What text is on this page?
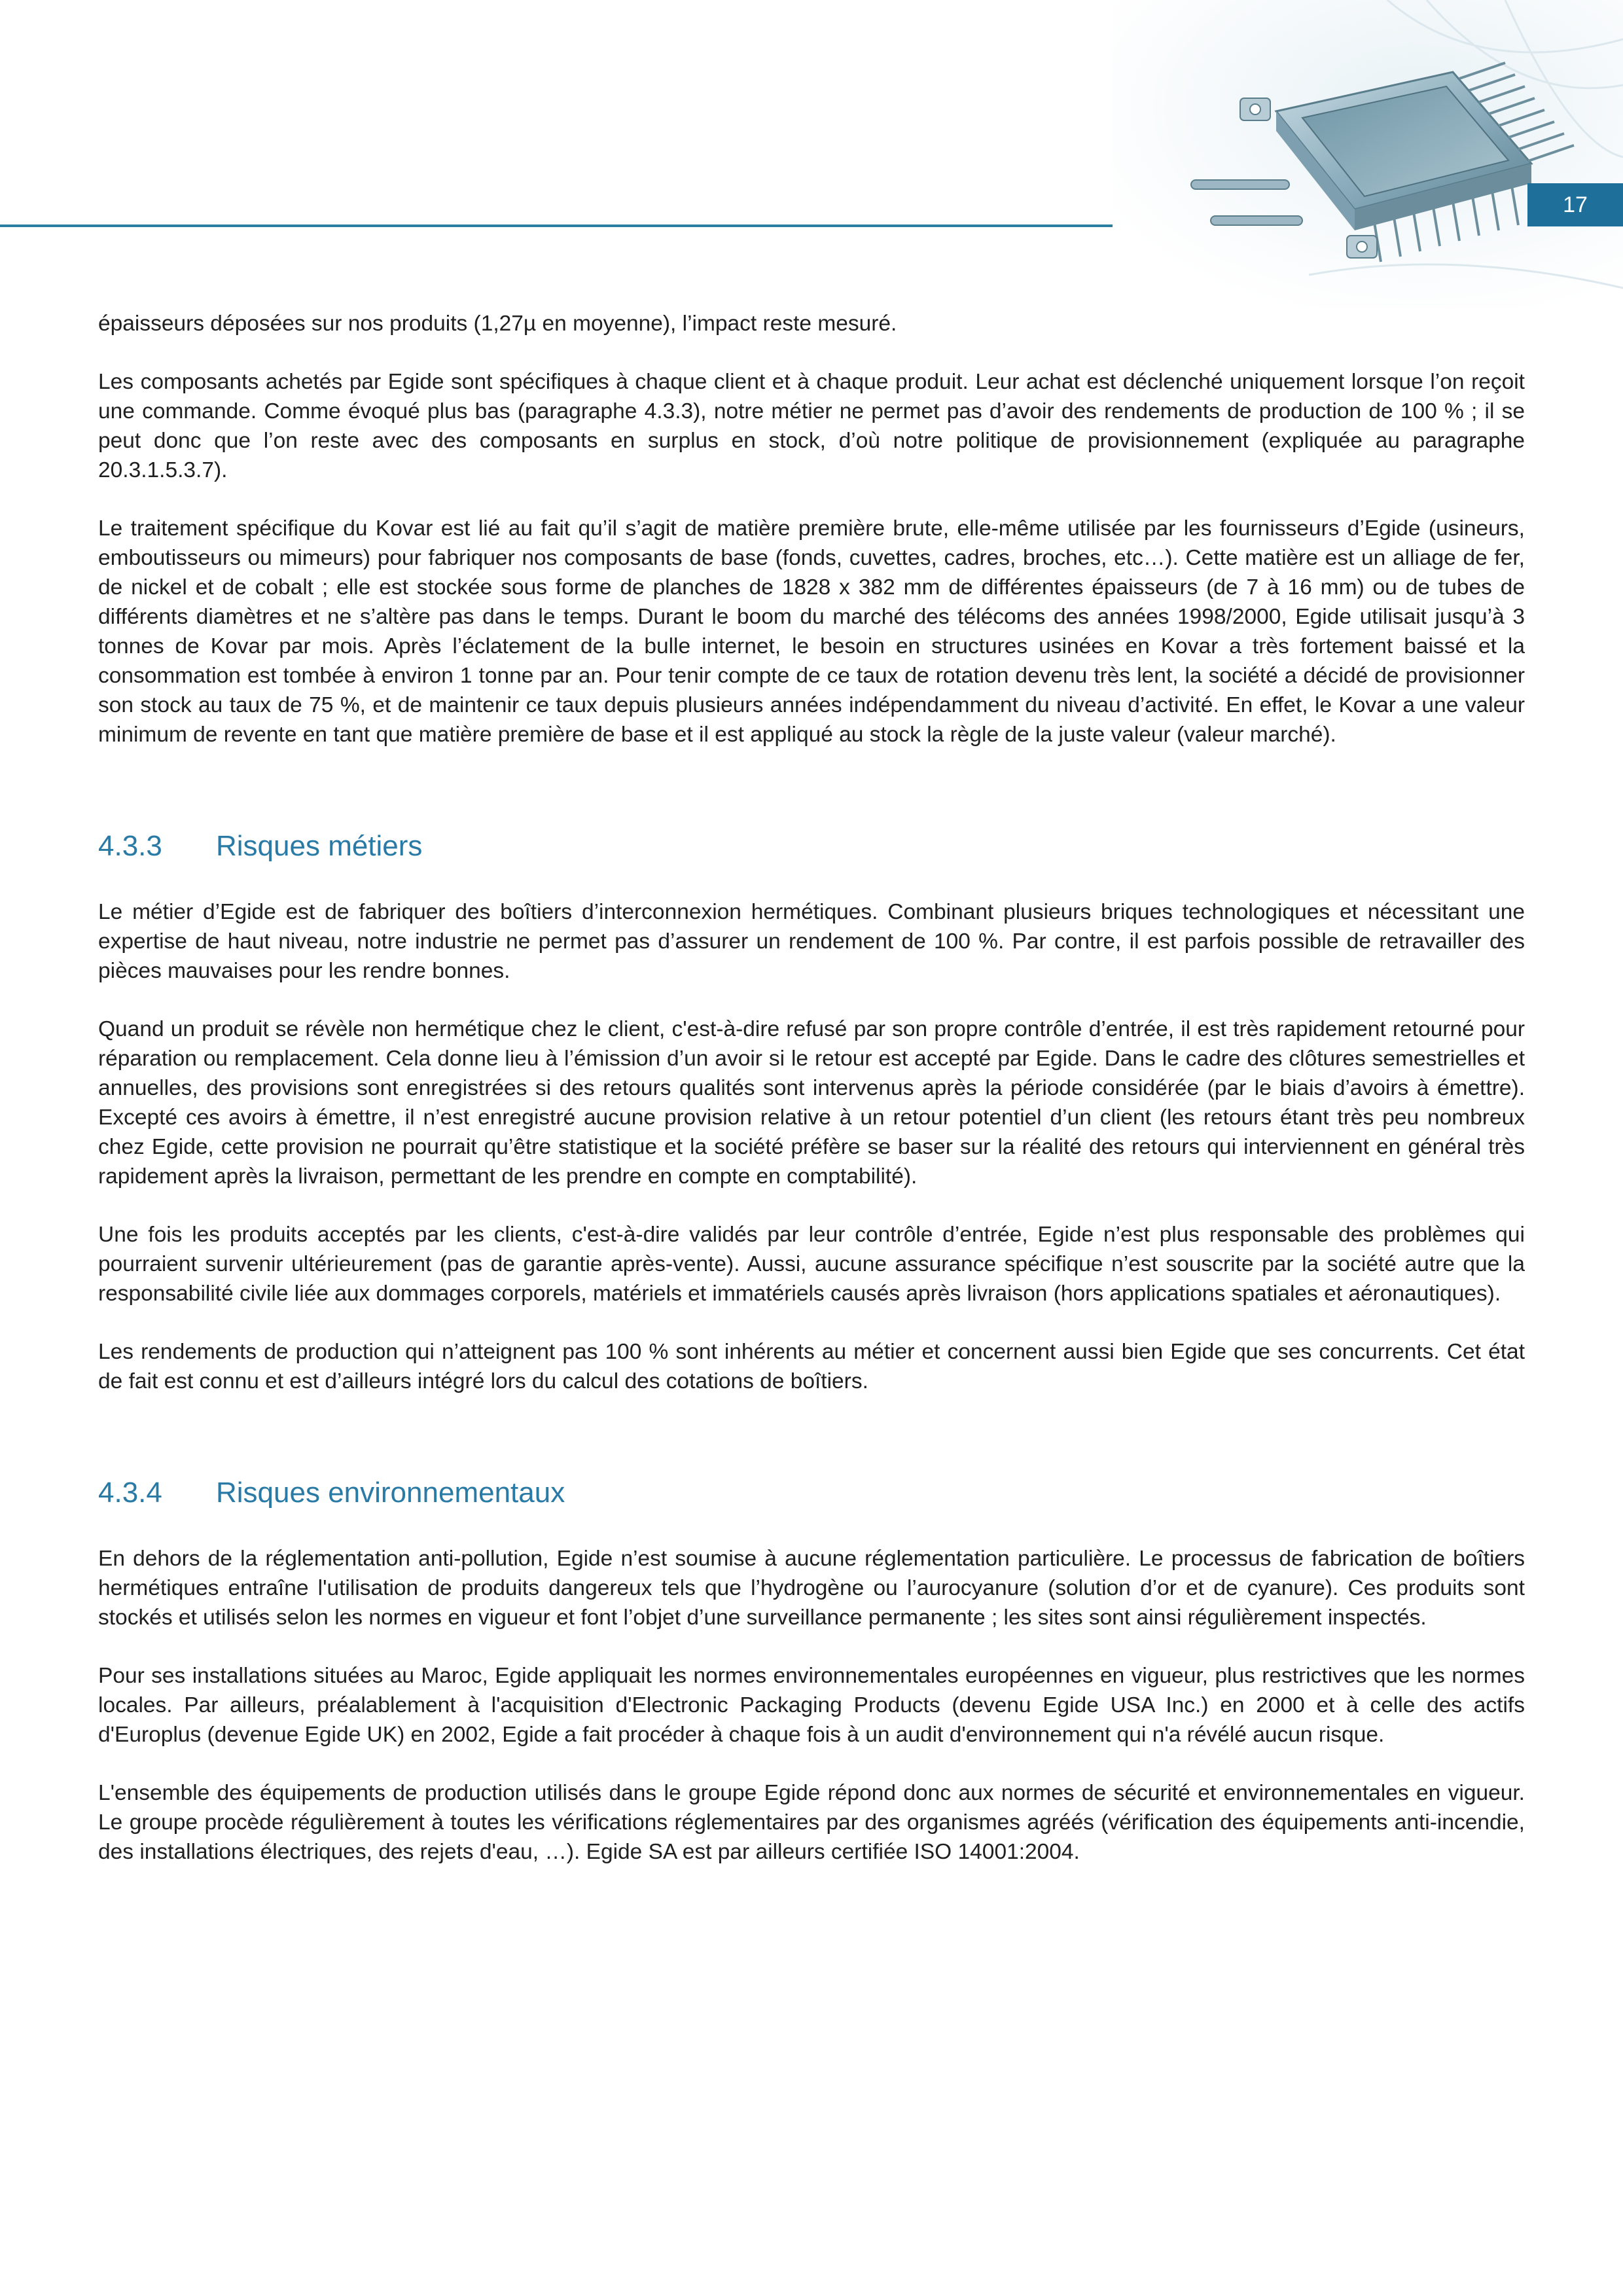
17

épaisseurs déposées sur nos produits (1,27µ en moyenne), l’impact reste mesuré.

Les composants achetés par Egide sont spécifiques à chaque client et à chaque produit. Leur achat est déclenché uniquement lorsque l’on reçoit une commande. Comme évoqué plus bas (paragraphe 4.3.3), notre métier ne permet pas d’avoir des rendements de production de 100 % ; il se peut donc que l’on reste avec des composants en surplus en stock, d’où notre politique de provisionnement (expliquée au paragraphe 20.3.1.5.3.7).

Le traitement spécifique du Kovar est lié au fait qu’il s’agit de matière première brute, elle-même utilisée par les fournisseurs d’Egide (usineurs, emboutisseurs ou mimeurs) pour fabriquer nos composants de base (fonds, cuvettes, cadres, broches, etc…). Cette matière est un alliage de fer, de nickel et de cobalt ; elle est stockée sous forme de planches de 1828 x 382 mm de différentes épaisseurs (de 7 à 16 mm) ou de tubes de différents diamètres et ne s’altère pas dans le temps. Durant le boom du marché des télécoms des années 1998/2000, Egide utilisait jusqu’à 3 tonnes de Kovar par mois. Après l’éclatement de la bulle internet, le besoin en structures usinées en Kovar a très fortement baissé et la consommation est tombée à environ 1 tonne par an. Pour tenir compte de ce taux de rotation devenu très lent, la société a décidé de provisionner son stock au taux de 75 %, et de maintenir ce taux depuis plusieurs années indépendamment du niveau d’activité. En effet, le Kovar a une valeur minimum de revente en tant que matière première de base et il est appliqué au stock la règle de la juste valeur (valeur marché).

4.3.3	Risques métiers

Le métier d’Egide est de fabriquer des boîtiers d’interconnexion hermétiques. Combinant plusieurs briques technologiques et nécessitant une expertise de haut niveau, notre industrie ne permet pas d’assurer un rendement de 100 %. Par contre, il est parfois possible de retravailler des pièces mauvaises pour les rendre bonnes.

Quand un produit se révèle non hermétique chez le client, c'est-à-dire refusé par son propre contrôle d’entrée, il est très rapidement retourné pour réparation ou remplacement. Cela donne lieu à l’émission d’un avoir si le retour est accepté par Egide. Dans le cadre des clôtures semestrielles et annuelles, des provisions sont enregistrées si des retours qualités sont intervenus après la période considérée (par le biais d’avoirs à émettre). Excepté ces avoirs à émettre, il n’est enregistré aucune provision relative à un retour potentiel d’un client (les retours étant très peu nombreux chez Egide, cette provision ne pourrait qu’être statistique et la société préfère se baser sur la réalité des retours qui interviennent en général très rapidement après la livraison, permettant de les prendre en compte en comptabilité).

Une fois les produits acceptés par les clients, c'est-à-dire validés par leur contrôle d’entrée, Egide n’est plus responsable des problèmes qui pourraient survenir ultérieurement (pas de garantie après-vente). Aussi, aucune assurance spécifique n’est souscrite par la société autre que la responsabilité civile liée aux dommages corporels, matériels et immatériels causés après livraison (hors applications spatiales et aéronautiques).

Les rendements de production qui n’atteignent pas 100 % sont inhérents au métier et concernent aussi bien Egide que ses concurrents. Cet état de fait est connu et est d’ailleurs intégré lors du calcul des cotations de boîtiers.

4.3.4	Risques environnementaux

En dehors de la réglementation anti-pollution, Egide n’est soumise à aucune réglementation particulière. Le processus de fabrication de boîtiers hermétiques entraîne l'utilisation de produits dangereux tels que l’hydrogène ou l’aurocyanure (solution d’or et de cyanure). Ces produits sont stockés et utilisés selon les normes en vigueur et font l’objet d’une surveillance permanente ; les sites sont ainsi régulièrement inspectés.

Pour ses installations situées au Maroc, Egide appliquait les normes environnementales européennes en vigueur, plus restrictives que les normes locales. Par ailleurs, préalablement à l'acquisition d'Electronic Packaging Products (devenu Egide USA Inc.) en 2000 et à celle des actifs d'Europlus (devenue Egide UK) en 2002, Egide a fait procéder à chaque fois à un audit d'environnement qui n'a révélé aucun risque.

L'ensemble des équipements de production utilisés dans le groupe Egide répond donc aux normes de sécurité et environnementales en vigueur. Le groupe procède régulièrement à toutes les vérifications réglementaires par des organismes agréés (vérification des équipements anti-incendie, des installations électriques, des rejets d'eau, …). Egide SA est par ailleurs certifiée ISO 14001:2004.
